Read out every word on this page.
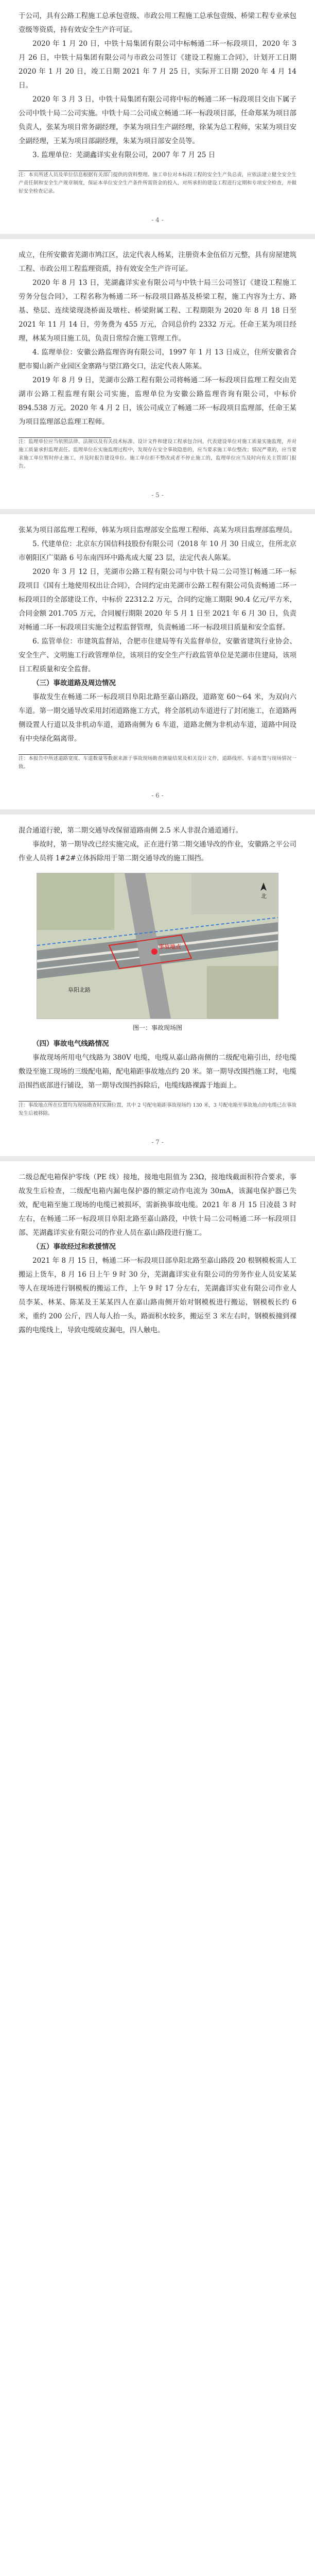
于公司，具有公路工程施工总承包壹级、市政公用工程施工总承包壹级、桥梁工程专业承包壹级等资质，持有效安全生产许可证。

2020 年 1 月 20 日，中铁十局集团有限公司中标畅通二环一标段项目，2020 年 3 月 26 日，中铁十局集团有限公司与市政公司签订《建设工程施工合同》，计划开工日期 2020 年 1 月 20 日，竣工日期 2021 年 7 月 25 日，实际开工日期 2020 年 4 月 14 日。

2020 年 3 月 3 日，中铁十局集团有限公司将中标的畅通二环一标段项目交由下属子公司中铁十局二公司实施。中铁十局二公司成立畅通二环一标段项目部，任命郑某为项目部负责人，张某为项目常务副经理，李某为项目生产副经理，徐某为总工程师，宋某为项目安全副经理，王某为项目部副经理，朱某为项目部安全员等。

3. 监理单位：芜湖鑫详实业有限公司，2007 年 7 月 25 日

注：本页所述人员及单位信息根据有关部门提供的资料整理。施工单位对本标段工程的安全生产负总责，应依法建立健全安全生产责任制和安全生产规章制度，保证本单位安全生产条件所需资金的投入，对所承担的建设工程进行定期和专项安全检查，并做好安全检查记录。

- 4 -

成立，住所安徽省芜湖市鸠江区，法定代表人杨某，注册资本金伍佰万元整，具有房屋建筑工程、市政公用工程监理资质，持有效安全生产许可证。

2020 年 8 月 13 日，芜湖鑫详实业有限公司与中铁十局三公司签订《建设工程施工劳务分包合同》，工程名称为畅通二环一标段项目路基及桥梁工程，施工内容为土方、路基、垫层、连续梁现浇桥面及墩柱、桥梁附属工程、工程期限为 2020 年 8 月 18 日至 2021 年 11 月 14 日，劳务费为 455 万元，合同总价约 2332 万元。任命王某为项目经理，林某为项目施工员，负责日常综合施工管理工作。

4. 监理单位：安徽公路监理咨询有限公司，1997 年 1 月 13 日成立，住所安徽省合肥市蜀山新产业园区金寨路与望江路交口，法定代表人陈某。

2019 年 8 月 9 日，芜湖市公路工程有限公司将畅通二环一标段项目监理工程交由芜湖市公路工程监理有限公司实施，监理单位为安徽公路监理咨询有限公司，中标价 894.538 万元。2020 年 4 月 2 日，该公司成立了畅通二环一标段项目监理部，任命王某为项目监理部总监理工程师。

注：监理单位应当依照法律、法规以及有关技术标准、设计文件和建设工程承包合同，代表建设单位对施工质量实施监理，并对施工质量承担监理责任。监理单位在实施监理过程中，发现存在安全事故隐患的，应当要求施工单位整改；情况严重的，应当要求施工单位暂时停止施工，并及时报告建设单位。施工单位拒不整改或者不停止施工的，监理单位应当及时向有关主管部门报告。

- 5 -

张某为项目部监理工程师，韩某为项目监理部安全监理工程师、高某为项目监理部监理员。

5. 代建单位：北京东方国信科技股份有限公司（2018 年 10 月 30 日成立，住所北京市朝阳区广渠路 6 号东南四环中路兆成大厦 23 层，法定代表人陈某。

2020 年 3 月 12 日，芜湖市公路工程有限公司与中铁十局二公司签订畅通二环一标段项目《国有土地使用权出让合同》，合同约定由芜湖市公路工程有限公司负责畅通二环一标段项目的全部建设工作，中标价 22312.2 万元，合同约定施工期限 90.4 亿元/平方米，合同金额 201.705 万元，合同履行期限 2020 年 5 月 1 日至 2021 年 6 月 30 日，负责对畅通二环一标段项目实施全过程监督管理，负责畅通二环一标段项目质量和安全监督。

6. 监管单位：市建筑监督站，合肥市住建局等有关监督单位，安徽省建筑行业协会、安全生产、文明施工行政管理单位，该项目的安全生产行政监管单位是芜湖市住建局，该项目工程质量和安全监督。

（三）事故道路及周边情况

事故发生在畅通二环一标段项目阜阳北路至嘉山路段，道路宽 60～64 米，为双向六车道。第一期交通导改采用封闭道路施工方式，将全部机动车道进行了封闭施工，在道路两侧设置人行道以及非机动车道，道路南侧为 6 车道，道路北侧为非机动车道，道路中间设有中央绿化隔离带。

注：本报告中所述道路宽度、车道数量等数据来源于事故现场勘查测量结果及相关设计文件，道路线形、车道布置与现场情况一致。

- 6 -

混合通道行驶，第二期交通导改保留道路南侧 2.5 米人非混合通道通行。

事故时，第一期导改已经实施完成，正在进行第二期交通导改的作业，安徽路之平公司作业人员将 1#2#立体拆除用于第二期交通导改的施工围挡。

事故地点
阜阳北路
北
图一：事故现场图

（四）事故电气线路情况

事故现场所用电气线路为 380V 电缆，电缆从嘉山路南侧的二级配电箱引出，经电缆敷设至施工现场的三级配电箱，配电箱距事故地点约 20 米。第一期导改围挡施工时，电缆沿围挡底部进行铺设，第一期导改围挡拆除后，电缆线路裸露于地面上。

注：事故地点所在位置均为现场勘查时实测位置，其中 2 号配电箱距事故现场约 130 米，3 号配电箱至事故地点的电缆已在事故发生后被移除。

- 7 -

二级总配电箱保护零线（PE 线）接地，接地电阻值为 23Ω，接地线截面积符合要求，事故发生后检查，二级配电箱内漏电保护器的额定动作电流为 30mA，该漏电保护器已失效，配电箱至施工现场的电缆已被损坏，需新换事故电缆。2021 年 8 月 15 日凌晨 3 时左右，在畅通二环一标段项目阜阳北路至嘉山路段，中铁十局二公司畅通二环一标段项目部、芜湖鑫详实业有限公司的作业人员在嘉山路段进行施工。

（五）事故经过和救援情况

2021 年 8 月 15 日，畅通二环一标段项目部阜阳北路至嘉山路段 20 根钢模板需人工搬运上货车，8 月 16 日上午 9 时 30 分，芜湖鑫详实业有限公司的劳务作业人员安某某等人在现场进行钢模板的搬运工作，上午 9 时 17 分左右，芜湖鑫详实业有限公司作业人员李某、林某、陈某及王某某四人在嘉山路南侧开始对钢模板进行搬运，钢模板长约 6 米，重约 200 公斤，四人每人抬一头，路面积水较多，搬运至 3 米左右时，钢模板撞到裸露的电缆线上，导致电缆破皮漏电，四人触电。
